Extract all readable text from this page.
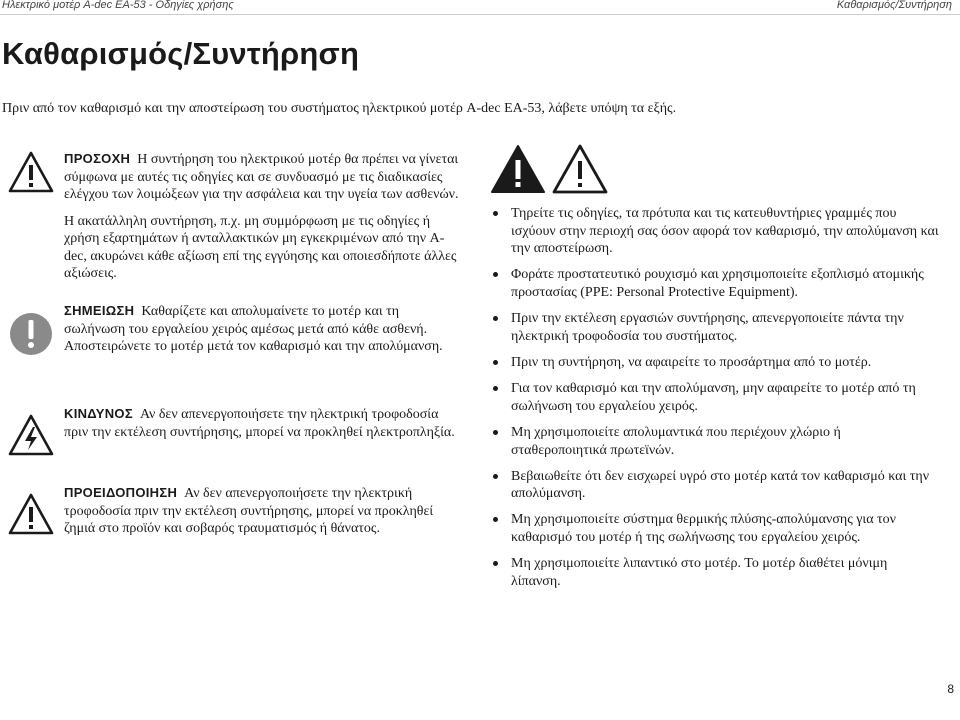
Ηλεκτρικό μοτέρ A-dec EA-53 - Οδηγίες χρήσης	Καθαρισμός/Συντήρηση
Καθαρισμός/Συντήρηση
Πριν από τον καθαρισμό και την αποστείρωση του συστήματος ηλεκτρικού μοτέρ A-dec EA-53, λάβετε υπόψη τα εξής.

ΠΡΟΣΟΧΗ Η συντήρηση του ηλεκτρικού μοτέρ θα πρέπει να γίνεται σύμφωνα με αυτές τις οδηγίες και σε συνδυασμό με τις διαδικασίες ελέγχου των λοιμώξεων για την ασφάλεια και την υγεία των ασθενών.

Η ακατάλληλη συντήρηση, π.χ. μη συμμόρφωση με τις οδηγίες ή χρήση εξαρτημάτων ή ανταλλακτικών μη εγκεκριμένων από την A-dec, ακυρώνει κάθε αξίωση επί της εγγύησης και οποιεσδήποτε άλλες αξιώσεις.

ΣΗΜΕΙΩΣΗ Καθαρίζετε και απολυμαίνετε το μοτέρ και τη σωλήνωση του εργαλείου χειρός αμέσως μετά από κάθε ασθενή. Αποστειρώνετε το μοτέρ μετά τον καθαρισμό και την απολύμανση.

ΚΙΝΔΥΝΟΣ Αν δεν απενεργοποιήσετε την ηλεκτρική τροφοδοσία πριν την εκτέλεση συντήρησης, μπορεί να προκληθεί ηλεκτροπληξία.

ΠΡΟΕΙΔΟΠΟΙΗΣΗ Αν δεν απενεργοποιήσετε την ηλεκτρική τροφοδοσία πριν την εκτέλεση συντήρησης, μπορεί να προκληθεί ζημιά στο προϊόν και σοβαρός τραυματισμός ή θάνατος.

Τηρείτε τις οδηγίες, τα πρότυπα και τις κατευθυντήριες γραμμές που ισχύουν στην περιοχή σας όσον αφορά τον καθαρισμό, την απολύμανση και την αποστείρωση.
Φοράτε προστατευτικό ρουχισμό και χρησιμοποιείτε εξοπλισμό ατομικής προστασίας (PPE: Personal Protective Equipment).
Πριν την εκτέλεση εργασιών συντήρησης, απενεργοποιείτε πάντα την ηλεκτρική τροφοδοσία του συστήματος.
Πριν τη συντήρηση, να αφαιρείτε το προσάρτημα από το μοτέρ.
Για τον καθαρισμό και την απολύμανση, μην αφαιρείτε το μοτέρ από τη σωλήνωση του εργαλείου χειρός.
Μη χρησιμοποιείτε απολυμαντικά που περιέχουν χλώριο ή σταθεροποιητικά πρωτεϊνών.
Βεβαιωθείτε ότι δεν εισχωρεί υγρό στο μοτέρ κατά τον καθαρισμό και την απολύμανση.
Μη χρησιμοποιείτε σύστημα θερμικής πλύσης-απολύμανσης για τον καθαρισμό του μοτέρ ή της σωλήνωσης του εργαλείου χειρός.
Μη χρησιμοποιείτε λιπαντικό στο μοτέρ. Το μοτέρ διαθέτει μόνιμη λίπανση.
8
